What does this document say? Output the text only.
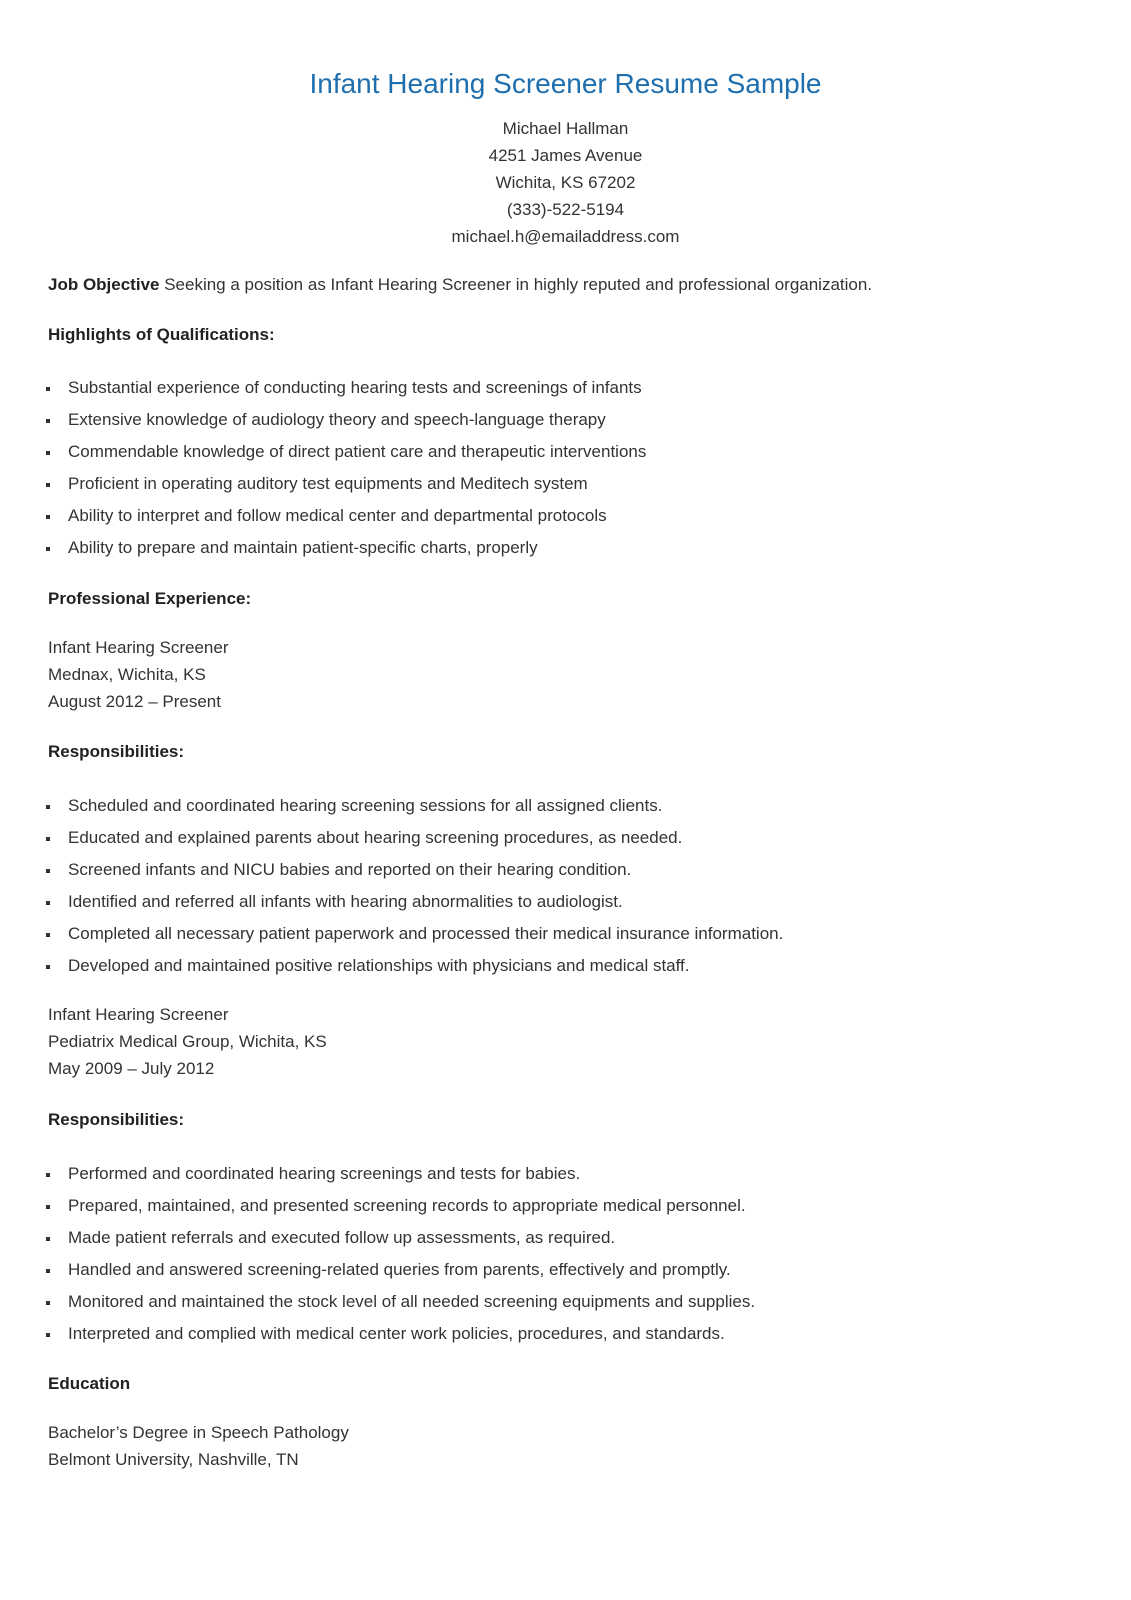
Infant Hearing Screener Resume Sample
Michael Hallman
4251 James Avenue
Wichita, KS 67202
(333)-522-5194
michael.h@emailaddress.com
Job Objective Seeking a position as Infant Hearing Screener in highly reputed and professional organization.
Highlights of Qualifications:
Substantial experience of conducting hearing tests and screenings of infants
Extensive knowledge of audiology theory and speech-language therapy
Commendable knowledge of direct patient care and therapeutic interventions
Proficient in operating auditory test equipments and Meditech system
Ability to interpret and follow medical center and departmental protocols
Ability to prepare and maintain patient-specific charts, properly
Professional Experience:
Infant Hearing Screener
Mednax, Wichita, KS
August 2012 – Present
Responsibilities:
Scheduled and coordinated hearing screening sessions for all assigned clients.
Educated and explained parents about hearing screening procedures, as needed.
Screened infants and NICU babies and reported on their hearing condition.
Identified and referred all infants with hearing abnormalities to audiologist.
Completed all necessary patient paperwork and processed their medical insurance information.
Developed and maintained positive relationships with physicians and medical staff.
Infant Hearing Screener
Pediatrix Medical Group, Wichita, KS
May 2009 – July 2012
Responsibilities:
Performed and coordinated hearing screenings and tests for babies.
Prepared, maintained, and presented screening records to appropriate medical personnel.
Made patient referrals and executed follow up assessments, as required.
Handled and answered screening-related queries from parents, effectively and promptly.
Monitored and maintained the stock level of all needed screening equipments and supplies.
Interpreted and complied with medical center work policies, procedures, and standards.
Education
Bachelor’s Degree in Speech Pathology
Belmont University, Nashville, TN
